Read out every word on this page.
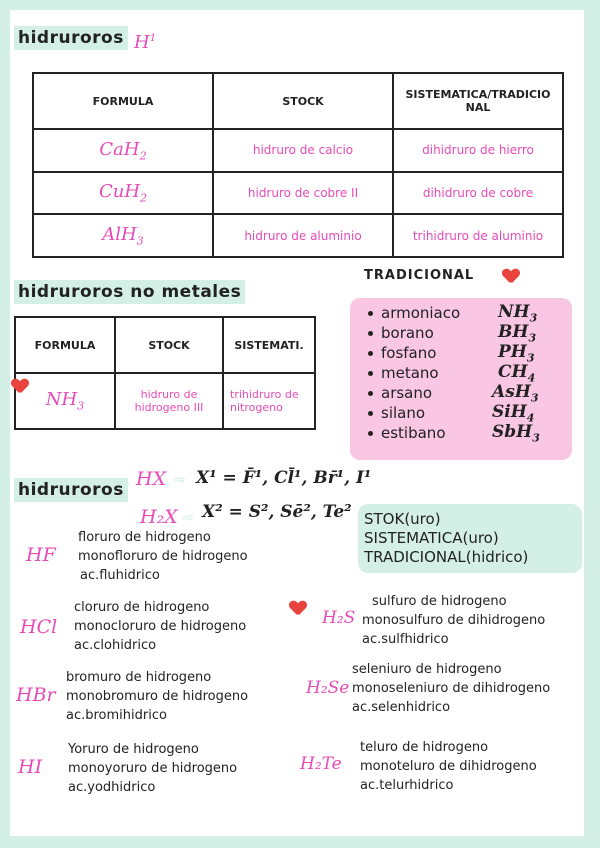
hidruroros $H^1$
FORMULA	STOCK	SISTEMATICA/TRADICIO NAL
CaH$_2$	hidruro de calcio	dihidruro de hierro
CuH$_2$	hidruro de cobre II	dihidruro de cobre
AlH$_3$	hidruro de aluminio	trihidruro de aluminio
hidruroros no metales
FORMULA	STOCK	SISTEMATI.
$NH_3$	hidruro de hidrogeno III	trihidruro de nitrogeno

TRADICIONAL

armoniaco $NH_3$
borano	$BH_3$
fosfano	$PH_3$
metano	$CH_4$
arsano	AsH$_3$
silano	SiH$_4$
estibano	SbH$_3$
hidruroros HX ⇨ X¹ = F̄¹, Cl̄¹, Br̄¹, I¹
H₂X ⇨ X² = S², Sē², Te² STOK(uro)
SISTEMATICA(uro)
TRADICIONAL(hidrico)
HF
floruro de hidrogeno
monofloruro de hidrogeno
ac.fluhidrico
HCl
cloruro de hidrogeno
monocloruro de hidrogeno
ac.clohidrico

HBr
bromuro de hidrogeno
monobromuro de hidrogeno
ac.bromihidrico
HI
Yoruro de hidrogeno
monoyoruro de hidrogeno
ac.yodhidrico
H₂S
sulfuro de hidrogeno
monosulfuro de dihidrogeno
ac.sulfhidrico
H₂Se
seleniuro de hidrogeno
monoseleniuro de dihidrogeno
ac.selenhidrico
H₂Te
teluro de hidrogeno
monoteluro de dihidrogeno
ac.telurhidrico
